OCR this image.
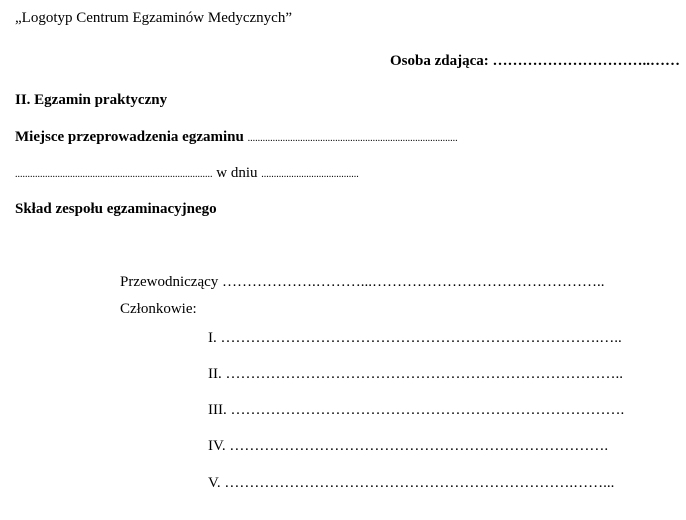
„Logotyp Centrum Egzaminów Medycznych”
Osoba zdająca: …………………………..……
II. Egzamin praktyczny
Miejsce przeprowadzenia egzaminu ....................................................................................
............................................................................... w dniu .......................................
Skład zespołu egzaminacyjnego
Przewodniczący ……………….………...………………………………………..
Członkowie:
I. ………………………………………………………………….…..
II. ……………………………………………………………………..
III. …………………………………………………………………….
IV. ………………………………………………………………….
V. …………………………………………………………….……...
